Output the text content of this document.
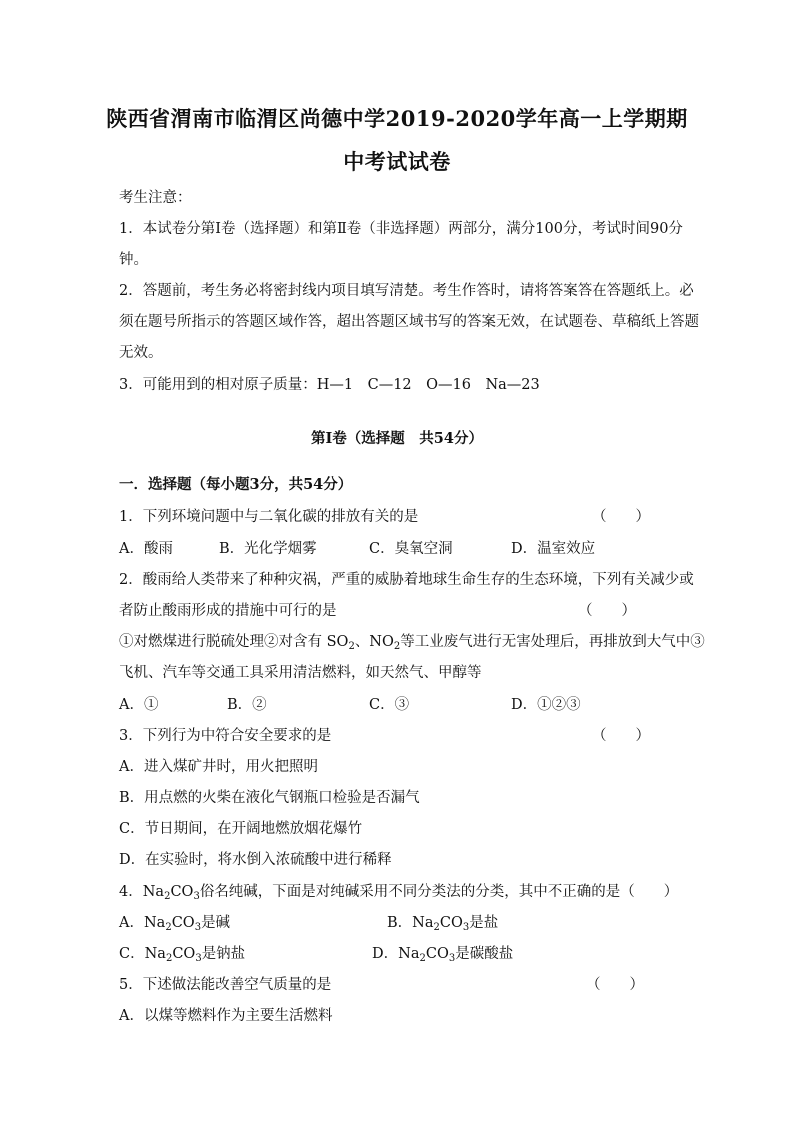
陕西省渭南市临渭区尚德中学2019-2020学年高一上学期期
中考试试卷
考生注意：
1．本试卷分第Ⅰ卷（选择题）和第Ⅱ卷（非选择题）两部分，满分100分，考试时间90分
钟。
2．答题前，考生务必将密封线内项目填写清楚。考生作答时，请将答案答在答题纸上。必
须在题号所指示的答题区域作答，超出答题区域书写的答案无效，在试题卷、草稿纸上答题
无效。
3．可能用到的相对原子质量：H—1　C—12　O—16　Na—23
第Ⅰ卷（选择题　共54分）
一．选择题（每小题3分，共54分）
1．下列环境问题中与二氧化碳的排放有关的是	（　　）
A．酸雨	B．光化学烟雾	C．臭氧空洞	D．温室效应
2．酸雨给人类带来了种种灾祸，严重的威胁着地球生命生存的生态环境，下列有关减少或
者防止酸雨形成的措施中可行的是	（　　）
①对燃煤进行脱硫处理②对含有 $SO_2$、$NO_2$等工业废气进行无害处理后，再排放到大气中③
飞机、汽车等交通工具采用清洁燃料，如天然气、甲醇等
A．①	B．②	C．③	D．①②③
3．下列行为中符合安全要求的是	（　　）
A．进入煤矿井时，用火把照明
B．用点燃的火柴在液化气钢瓶口检验是否漏气
C．节日期间，在开阔地燃放烟花爆竹
D．在实验时，将水倒入浓硫酸中进行稀释
4．$Na_2CO_3$俗名纯碱，下面是对纯碱采用不同分类法的分类，其中不正确的是（　　）
A．$Na_2CO_3$是碱	B．$Na_2CO_3$是盐
C．$Na_2CO_3$是钠盐	D．$Na_2CO_3$是碳酸盐
5．下述做法能改善空气质量的是	（　　）
A．以煤等燃料作为主要生活燃料
